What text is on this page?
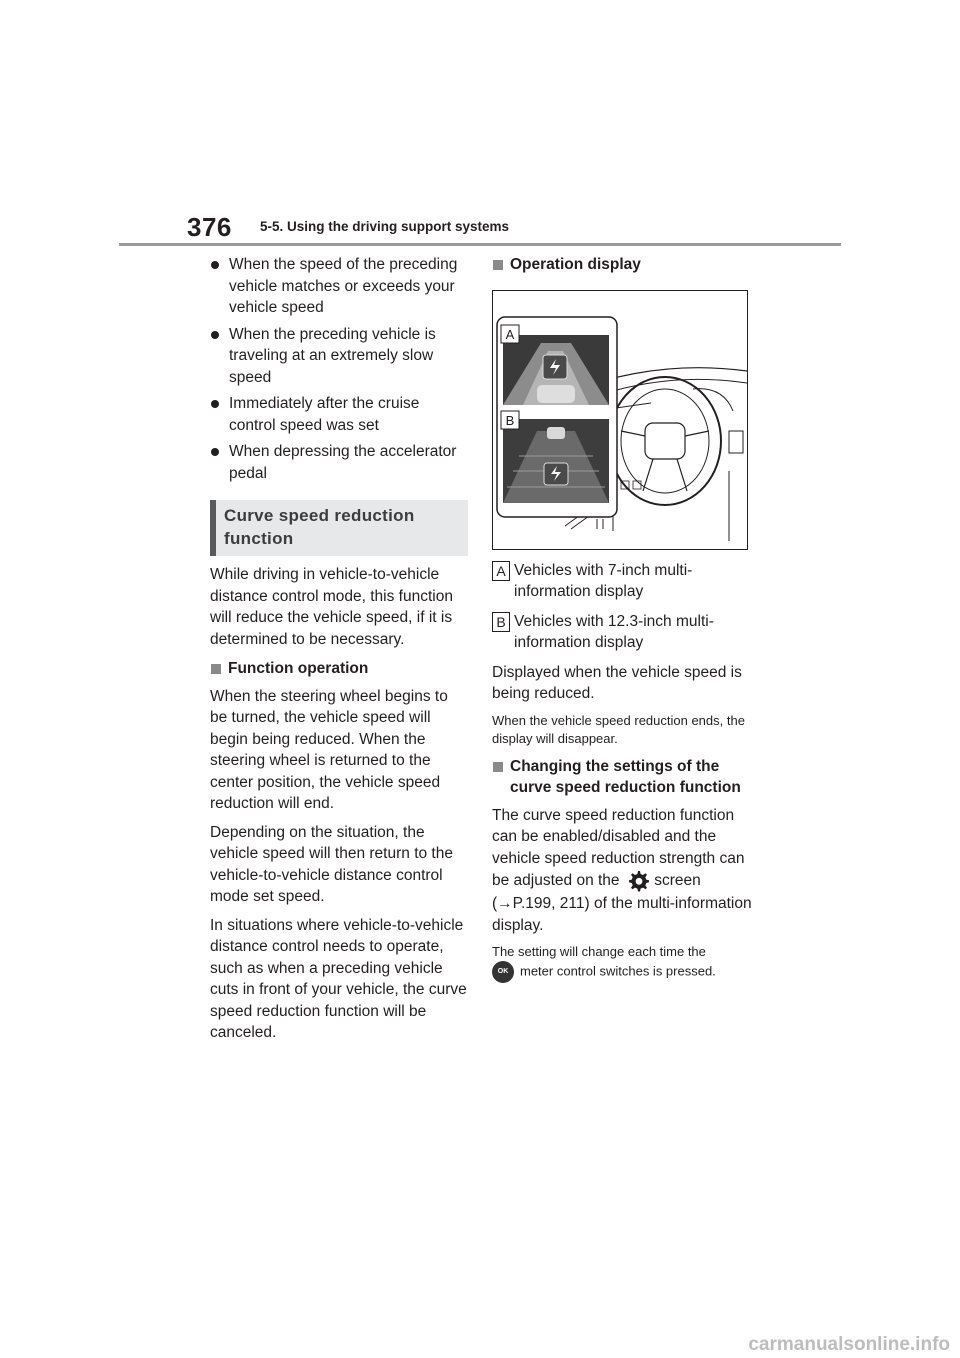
376 5-5. Using the driving support systems
When the speed of the preceding vehicle matches or exceeds your vehicle speed
When the preceding vehicle is traveling at an extremely slow speed
Immediately after the cruise control speed was set
When depressing the accelerator pedal
Curve speed reduction function

While driving in vehicle-to-vehicle distance control mode, this function will reduce the vehicle speed, if it is determined to be necessary.

Function operation

When the steering wheel begins to be turned, the vehicle speed will begin being reduced. When the steering wheel is returned to the center position, the vehicle speed reduction will end.

Depending on the situation, the vehicle speed will then return to the vehicle-to-vehicle distance control mode set speed.

In situations where vehicle-to-vehicle distance control needs to operate, such as when a preceding vehicle cuts in front of your vehicle, the curve speed reduction function will be canceled.

Operation display
A
B
A Vehicles with 7-inch multi-information display
B Vehicles with 12.3-inch multi-information display

Displayed when the vehicle speed is being reduced.

When the vehicle speed reduction ends, the display will disappear.

Changing the settings of the curve speed reduction function

The curve speed reduction function can be enabled/disabled and the vehicle speed reduction strength can be adjusted on the screen (→P.199, 211) of the multi-information display.

The setting will change each time the
OK meter control switches is pressed.

carmanualsonline.info
